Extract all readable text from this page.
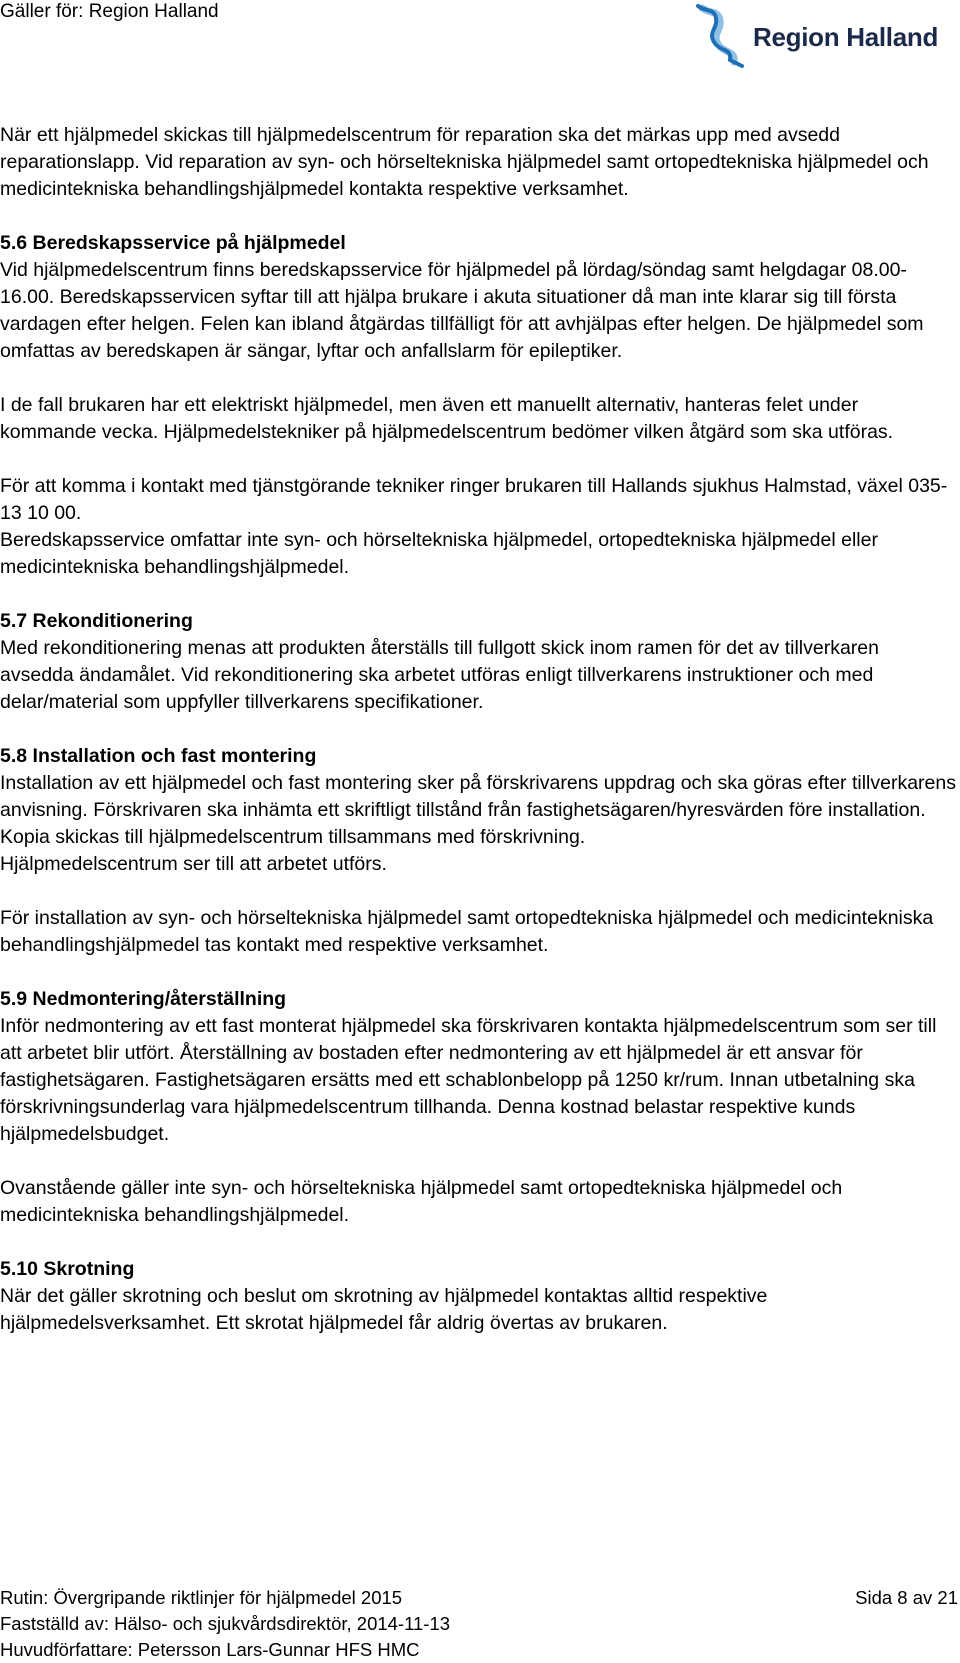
Gäller för: Region Halland
Region Halland

När ett hjälpmedel skickas till hjälpmedelscentrum för reparation ska det märkas upp med avsedd reparationslapp. Vid reparation av syn- och hörseltekniska hjälpmedel samt ortopedtekniska hjälpmedel och medicintekniska behandlingshjälpmedel kontakta respektive verksamhet.

5.6 Beredskapsservice på hjälpmedel

Vid hjälpmedelscentrum finns beredskapsservice för hjälpmedel på lördag/söndag samt helgdagar 08.00-16.00. Beredskapsservicen syftar till att hjälpa brukare i akuta situationer då man inte klarar sig till första vardagen efter helgen. Felen kan ibland åtgärdas tillfälligt för att avhjälpas efter helgen. De hjälpmedel som omfattas av beredskapen är sängar, lyftar och anfallslarm för epileptiker.

I de fall brukaren har ett elektriskt hjälpmedel, men även ett manuellt alternativ, hanteras felet under kommande vecka. Hjälpmedelstekniker på hjälpmedelscentrum bedömer vilken åtgärd som ska utföras.

För att komma i kontakt med tjänstgörande tekniker ringer brukaren till Hallands sjukhus Halmstad, växel 035-13 10 00.

Beredskapsservice omfattar inte syn- och hörseltekniska hjälpmedel, ortopedtekniska hjälpmedel eller medicintekniska behandlingshjälpmedel.

5.7 Rekonditionering

Med rekonditionering menas att produkten återställs till fullgott skick inom ramen för det av tillverkaren avsedda ändamålet. Vid rekonditionering ska arbetet utföras enligt tillverkarens instruktioner och med delar/material som uppfyller tillverkarens specifikationer.

5.8 Installation och fast montering

Installation av ett hjälpmedel och fast montering sker på förskrivarens uppdrag och ska göras efter tillverkarens anvisning. Förskrivaren ska inhämta ett skriftligt tillstånd från fastighetsägaren/hyresvärden före installation. Kopia skickas till hjälpmedelscentrum tillsammans med förskrivning.

Hjälpmedelscentrum ser till att arbetet utförs.

För installation av syn- och hörseltekniska hjälpmedel samt ortopedtekniska hjälpmedel och medicintekniska behandlingshjälpmedel tas kontakt med respektive verksamhet.

5.9 Nedmontering/återställning

Inför nedmontering av ett fast monterat hjälpmedel ska förskrivaren kontakta hjälpmedelscentrum som ser till att arbetet blir utfört. Återställning av bostaden efter nedmontering av ett hjälpmedel är ett ansvar för fastighetsägaren. Fastighetsägaren ersätts med ett schablonbelopp på 1250 kr/rum. Innan utbetalning ska förskrivningsunderlag vara hjälpmedelscentrum tillhanda. Denna kostnad belastar respektive kunds hjälpmedelsbudget.

Ovanstående gäller inte syn- och hörseltekniska hjälpmedel samt ortopedtekniska hjälpmedel och medicintekniska behandlingshjälpmedel.

5.10 Skrotning

När det gäller skrotning och beslut om skrotning av hjälpmedel kontaktas alltid respektive hjälpmedelsverksamhet. Ett skrotat hjälpmedel får aldrig övertas av brukaren.

Rutin: Övergripande riktlinjer för hjälpmedel 2015	Sida 8 av 21
Fastställd av: Hälso- och sjukvårdsdirektör, 2014-11-13
Huvudförfattare: Petersson Lars-Gunnar HFS HMC
